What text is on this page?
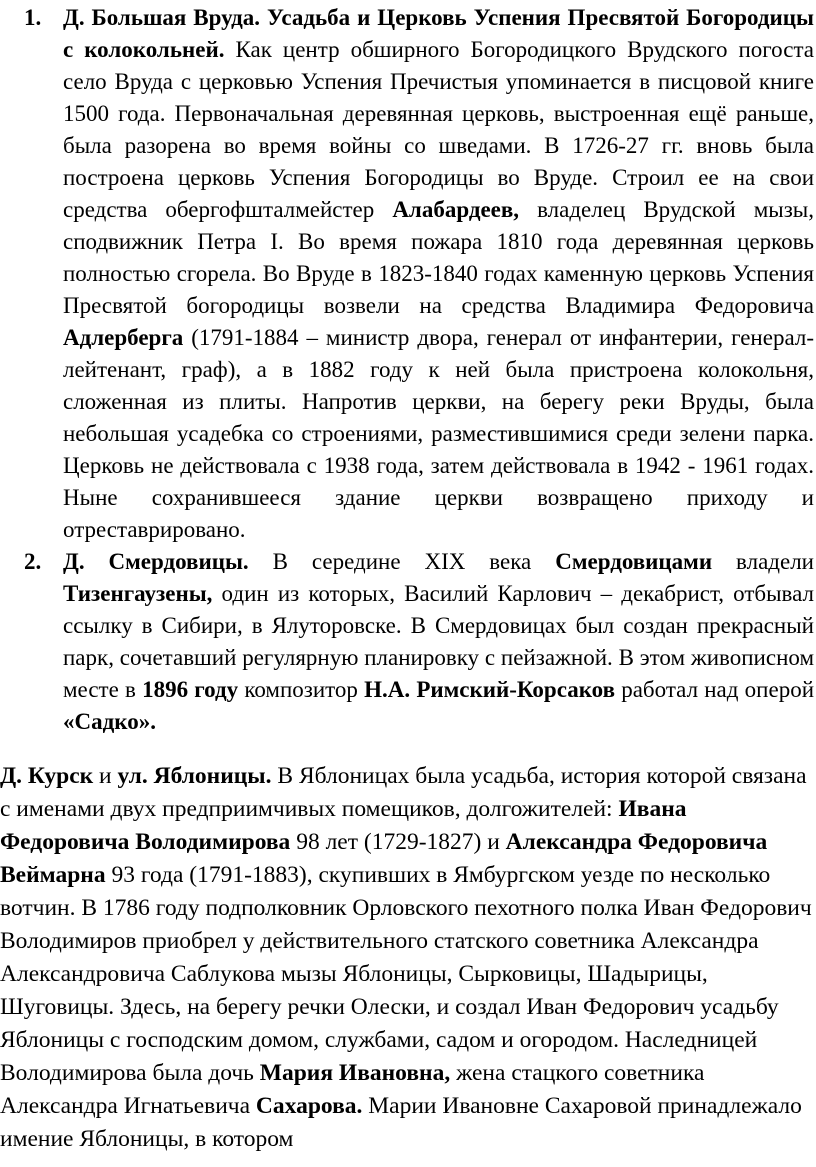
1. Д. Большая Вруда. Усадьба и Церковь Успения Пресвятой Богородицы с колокольней. Как центр обширного Богородицкого Врудского погоста село Вруда с церковью Успения Пречистыя упоминается в писцовой книге 1500 года. Первоначальная деревянная церковь, выстроенная ещё раньше, была разорена во время войны со шведами. В 1726-27 гг. вновь была построена церковь Успения Богородицы во Вруде. Строил ее на свои средства обергофшталмейстер Алабардеев, владелец Врудской мызы, сподвижник Петра I. Во время пожара 1810 года деревянная церковь полностью сгорела. Во Вруде в 1823-1840 годах каменную церковь Успения Пресвятой богородицы возвели на средства Владимира Федоровича Адлерберга (1791-1884 – министр двора, генерал от инфантерии, генерал-лейтенант, граф), а в 1882 году к ней была пристроена колокольня, сложенная из плиты. Напротив церкви, на берегу реки Вруды, была небольшая усадебка со строениями, разместившимися среди зелени парка. Церковь не действовала с 1938 года, затем действовала в 1942 - 1961 годах. Ныне сохранившееся здание церкви возвращено приходу и отреставрировано.
2. Д. Смердовицы. В середине XIX века Смердовицами владели Тизенгаузены, один из которых, Василий Карлович – декабрист, отбывал ссылку в Сибири, в Ялуторовске. В Смердовицах был создан прекрасный парк, сочетавший регулярную планировку с пейзажной. В этом живописном месте в 1896 году композитор Н.А. Римский-Корсаков работал над оперой «Садко».

Д. Курск и ул. Яблоницы. В Яблоницах была усадьба, история которой связана с именами двух предприимчивых помещиков, долгожителей: Ивана Федоровича Володимирова 98 лет (1729-1827) и Александра Федоровича Веймарна 93 года (1791-1883), скупивших в Ямбургском уезде по несколько вотчин. В 1786 году подполковник Орловского пехотного полка Иван Федорович Володимиров приобрел у действительного статского советника Александра Александровича Саблукова мызы Яблоницы, Сырковицы, Шадырицы, Шуговицы. Здесь, на берегу речки Олески, и создал Иван Федорович усадьбу Яблоницы с господским домом, службами, садом и огородом. Наследницей Володимирова была дочь Мария Ивановна, жена стацкого советника Александра Игнатьевича Сахарова. Марии Ивановне Сахаровой принадлежало имение Яблоницы, в котором
